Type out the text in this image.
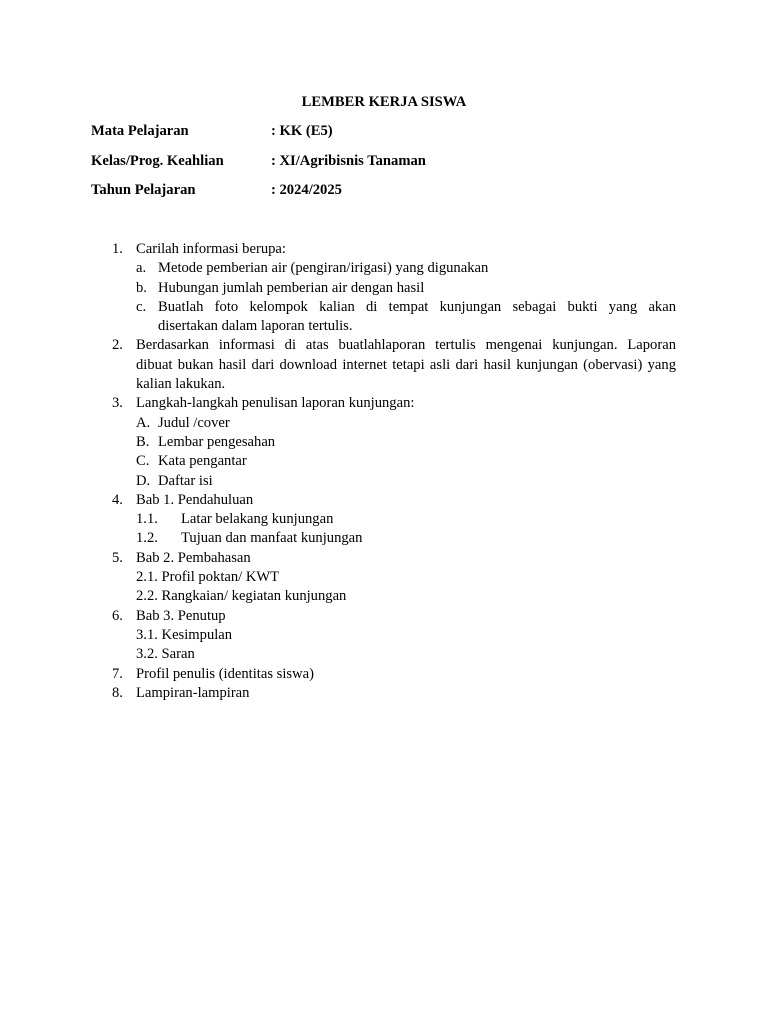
LEMBER KERJA SISWA
Mata Pelajaran	: KK (E5)
Kelas/Prog. Keahlian	: XI/Agribisnis Tanaman
Tahun Pelajaran	: 2024/2025
1. Carilah informasi berupa:
a. Metode pemberian air (pengiran/irigasi) yang digunakan
b. Hubungan jumlah pemberian air dengan hasil
c. Buatlah foto kelompok kalian di tempat kunjungan sebagai bukti yang akan
disertakan dalam laporan tertulis.
2. Berdasarkan informasi di atas buatlahlaporan tertulis mengenai kunjungan. Laporan
dibuat bukan hasil dari download internet tetapi asli dari hasil kunjungan (obervasi) yang
kalian lakukan.
3. Langkah-langkah penulisan laporan kunjungan:
A. Judul /cover
B. Lembar pengesahan
C. Kata pengantar
D. Daftar isi
4. Bab 1. Pendahuluan
1.1. Latar belakang kunjungan
1.2. Tujuan dan manfaat kunjungan
5. Bab 2. Pembahasan
2.1. Profil poktan/ KWT
2.2. Rangkaian/ kegiatan kunjungan
6. Bab 3. Penutup
3.1. Kesimpulan
3.2. Saran
7. Profil penulis (identitas siswa)
8. Lampiran-lampiran
